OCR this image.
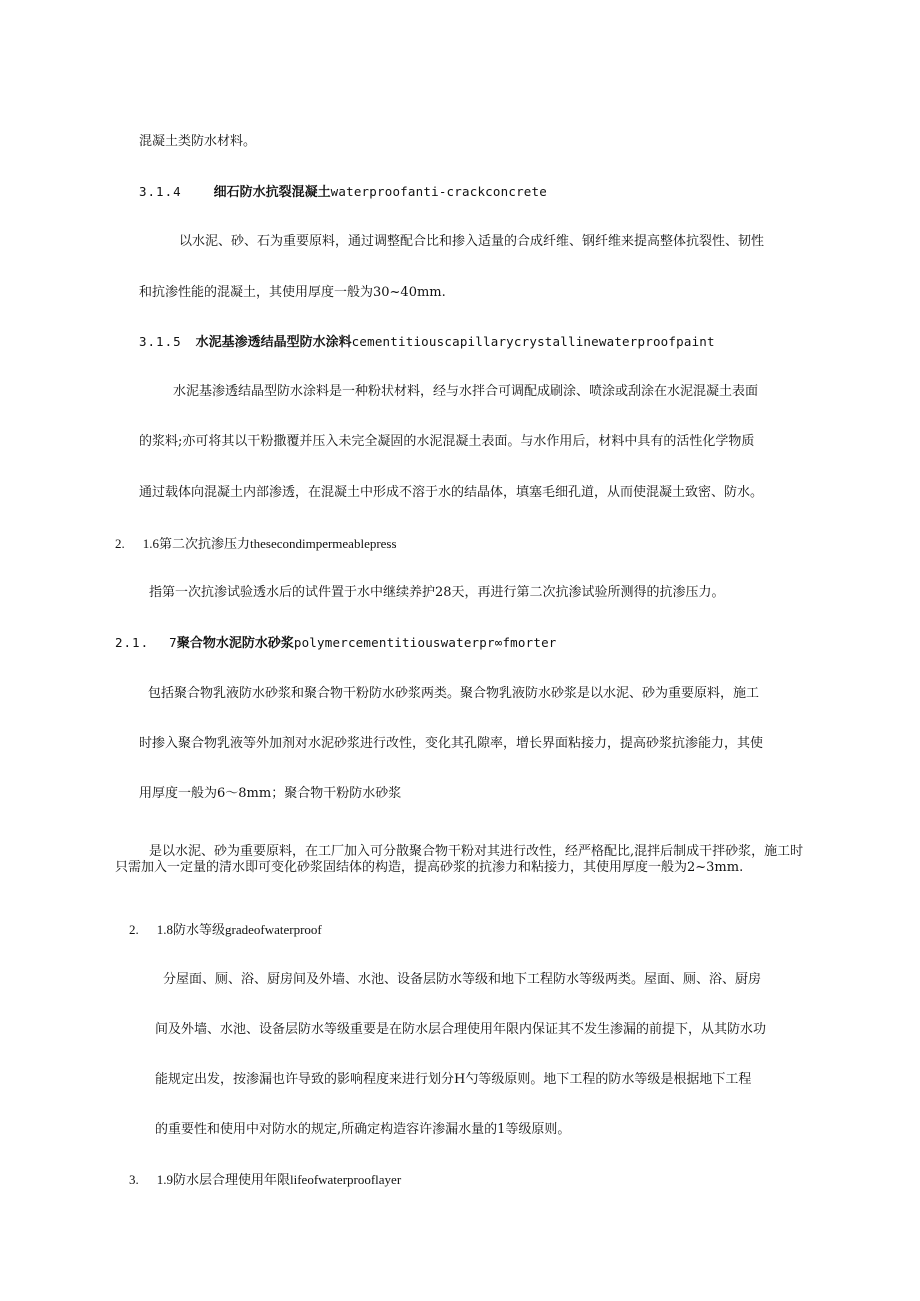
混凝土类防水材料。
3.1.4 细石防水抗裂混凝土waterproofanti-crackconcrete
以水泥、砂、石为重要原料，通过调整配合比和掺入适量的合成纤维、钢纤维来提高整体抗裂性、韧性
和抗渗性能的混凝土，其使用厚度一般为30~40mm.
3.1.5 水泥基渗透结晶型防水涂料cementitiouscapillarycrystallinewaterproofpaint
水泥基渗透结晶型防水涂料是一种粉状材料，经与水拌合可调配成刷涂、喷涂或刮涂在水泥混凝土表面
的浆料;亦可将其以干粉撒覆并压入未完全凝固的水泥混凝土表面。与水作用后，材料中具有的活性化学物质
通过载体向混凝土内部渗透，在混凝土中形成不溶于水的结晶体，填塞毛细孔道，从而使混凝土致密、防水。
2. 1.6第二次抗渗压力thesecondimpermeablepress
指第一次抗渗试验透水后的试件置于水中继续养护28天，再进行第二次抗渗试验所测得的抗渗压力。
2.1. 7聚合物水泥防水砂浆polymercementitiouswaterpr∞fmorter
包括聚合物乳液防水砂浆和聚合物干粉防水砂浆两类。聚合物乳液防水砂浆是以水泥、砂为重要原料，施工
时掺入聚合物乳液等外加剂对水泥砂浆进行改性，变化其孔隙率，增长界面粘接力，提高砂浆抗渗能力，其使
用厚度一般为6～8mm；聚合物干粉防水砂浆
是以水泥、砂为重要原料，在工厂加入可分散聚合物干粉对其进行改性，经严格配比,混拌后制成干拌砂浆，施工时只需加入一定量的清水即可变化砂浆固结体的构造，提高砂浆的抗渗力和粘接力，其使用厚度一般为2~3mm.
2. 1.8防水等级gradeofwaterproof
分屋面、厕、浴、厨房间及外墙、水池、设备层防水等级和地下工程防水等级两类。屋面、厕、浴、厨房
间及外墙、水池、设备层防水等级重要是在防水层合理使用年限内保证其不发生渗漏的前提下，从其防水功
能规定出发，按渗漏也许导致的影响程度来进行划分H勺等级原则。地下工程的防水等级是根据地下工程
的重要性和使用中对防水的规定,所确定构造容许渗漏水量的1等级原则。
3. 1.9防水层合理使用年限lifeofwaterprooflayer
